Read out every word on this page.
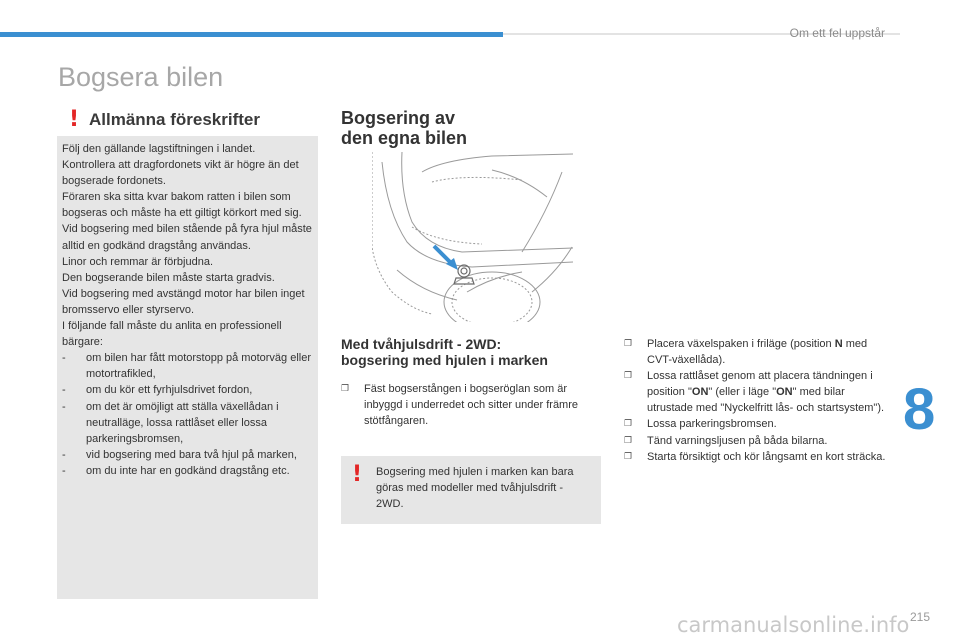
Om ett fel uppstår
Bogsera bilen
! Allmänna föreskrifter

Följ den gällande lagstiftningen i landet.

Kontrollera att dragfordonets vikt är högre än det bogserade fordonets.

Föraren ska sitta kvar bakom ratten i bilen som bogseras och måste ha ett giltigt körkort med sig.

Vid bogsering med bilen stående på fyra hjul måste alltid en godkänd dragstång användas.

Linor och remmar är förbjudna.

Den bogserande bilen måste starta gradvis.

Vid bogsering med avstängd motor har bilen inget bromsservo eller styrservo.

I följande fall måste du anlita en professionell bärgare:

- om bilen har fått motorstopp på motorväg eller motortrafikled,
- om du kör ett fyrhjulsdrivet fordon,
- om det är omöjligt att ställa växellådan i neutralläge, lossa rattlåset eller lossa parkeringsbromsen,
- vid bogsering med bara två hjul på marken,
- om du inte har en godkänd dragstång etc.
Bogsering av
den egna bilen
Med tvåhjulsdrift - 2WD:
bogsering med hjulen i marken
❐ Fäst bogserstången i bogseröglan som är inbyggd i underredet och sitter under främre stötfångaren.
! Bogsering med hjulen i marken kan bara göras med modeller med tvåhjulsdrift - 2WD.
❐ Placera växelspaken i friläge (position N med CVT-växellåda).
❐ Lossa rattlåset genom att placera tändningen i position "ON" (eller i läge "ON" med bilar utrustade med "Nyckelfritt lås- och startsystem").
❐ Lossa parkeringsbromsen.
❐ Tänd varningsljusen på båda bilarna.
❐ Starta försiktigt och kör långsamt en kort sträcka.
8
215
carmanualsonline.info
